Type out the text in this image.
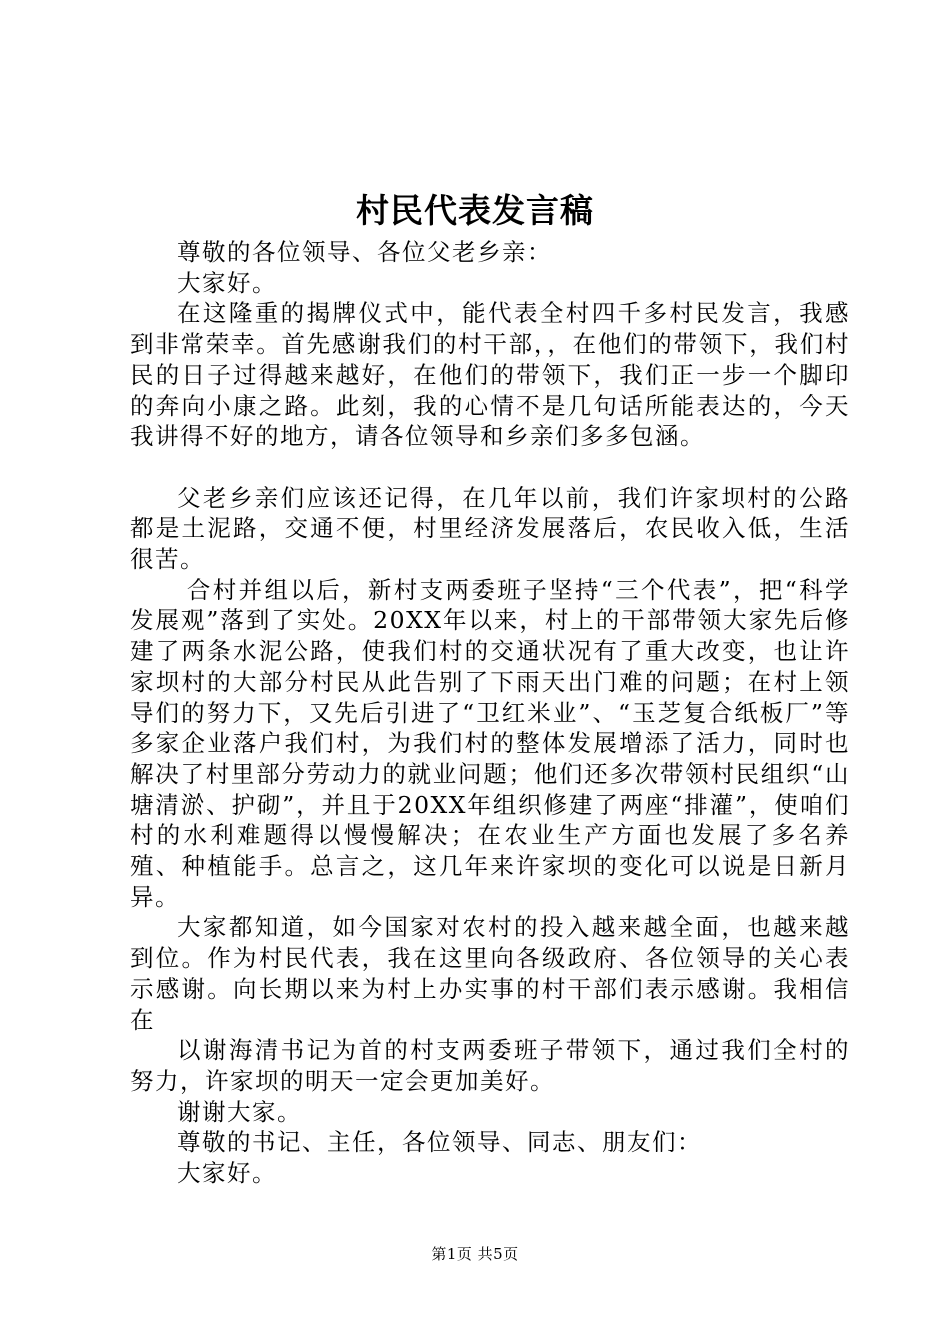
村民代表发言稿

尊敬的各位领导、各位父老乡亲：

大家好。

在这隆重的揭牌仪式中，能代表全村四千多村民发言，我感到非常荣幸。首先感谢我们的村干部，，在他们的带领下，我们村民的日子过得越来越好，在他们的带领下，我们正一步一个脚印的奔向小康之路。此刻，我的心情不是几句话所能表达的，今天我讲得不好的地方，请各位领导和乡亲们多多包涵。

父老乡亲们应该还记得，在几年以前，我们许家坝村的公路都是土泥路，交通不便，村里经济发展落后，农民收入低，生活很苦。

合村并组以后，新村支两委班子坚持“三个代表”，把“科学发展观”落到了实处。20XX年以来，村上的干部带领大家先后修建了两条水泥公路，使我们村的交通状况有了重大改变，也让许家坝村的大部分村民从此告别了下雨天出门难的问题；在村上领导们的努力下，又先后引进了“卫红米业”、“玉芝复合纸板厂”等多家企业落户我们村，为我们村的整体发展增添了活力，同时也解决了村里部分劳动力的就业问题；他们还多次带领村民组织“山塘清淤、护砌”，并且于20XX年组织修建了两座“排灌”，使咱们村的水利难题得以慢慢解决；在农业生产方面也发展了多名养殖、种植能手。总言之，这几年来许家坝的变化可以说是日新月异。

大家都知道，如今国家对农村的投入越来越全面，也越来越到位。作为村民代表，我在这里向各级政府、各位领导的关心表示感谢。向长期以来为村上办实事的村干部们表示感谢。我相信在

以谢海清书记为首的村支两委班子带领下，通过我们全村的努力，许家坝的明天一定会更加美好。

谢谢大家。

尊敬的书记、主任，各位领导、同志、朋友们：

大家好。

第1页 共5页
